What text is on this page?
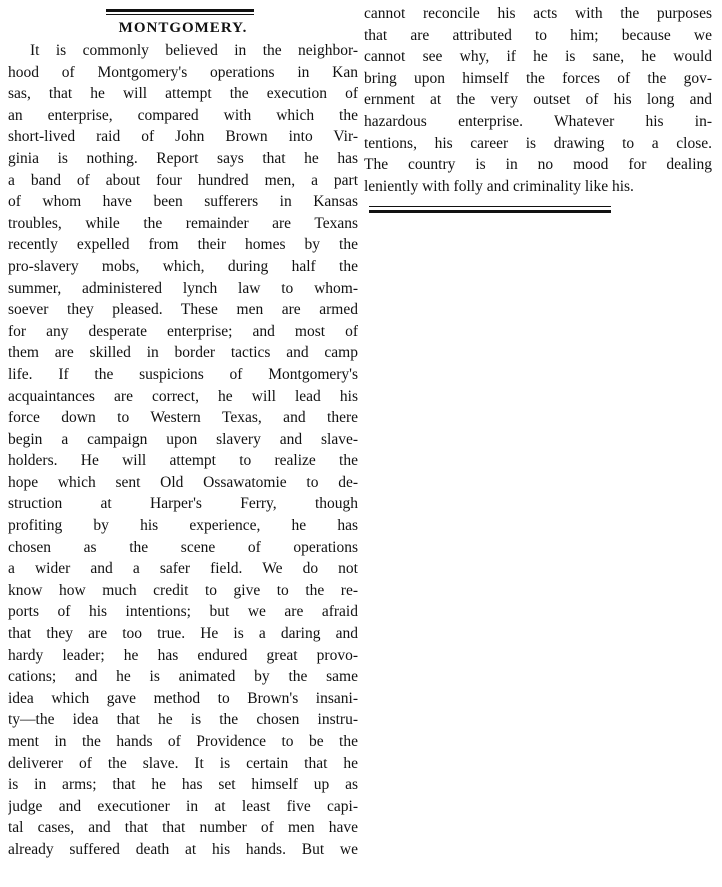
MONTGOMERY.
It is commonly believed in the neighbor-
hood of Montgomery's operations in Kan
sas, that he will attempt the execution of
an enterprise, compared with which the
short-lived raid of John Brown into Vir-
ginia is nothing. Report says that he has
a band of about four hundred men, a part
of whom have been sufferers in Kansas
troubles, while the remainder are Texans
recently expelled from their homes by the
pro-slavery mobs, which, during half the
summer, administered lynch law to whom-
soever they pleased. These men are armed
for any desperate enterprise; and most of
them are skilled in border tactics and camp
life. If the suspicions of Montgomery's
acquaintances are correct, he will lead his
force down to Western Texas, and there
begin a campaign upon slavery and slave-
holders. He will attempt to realize the
hope which sent Old Ossawatomie to de-
struction at Harper's Ferry, though
profiting by his experience, he has
chosen as the scene of operations
a wider and a safer field. We do not
know how much credit to give to the re-
ports of his intentions; but we are afraid
that they are too true. He is a daring and
hardy leader; he has endured great provo-
cations; and he is animated by the same
idea which gave method to Brown's insani-
ty—the idea that he is the chosen instru-
ment in the hands of Providence to be the
deliverer of the slave. It is certain that he
is in arms; that he has set himself up as
judge and executioner in at least five capi-
tal cases, and that that number of men have
already suffered death at his hands. But we
cannot reconcile his acts with the purposes
that are attributed to him; because we
cannot see why, if he is sane, he would
bring upon himself the forces of the gov-
ernment at the very outset of his long and
hazardous enterprise. Whatever his in-
tentions, his career is drawing to a close.
The country is in no mood for dealing
leniently with folly and criminality like his.
